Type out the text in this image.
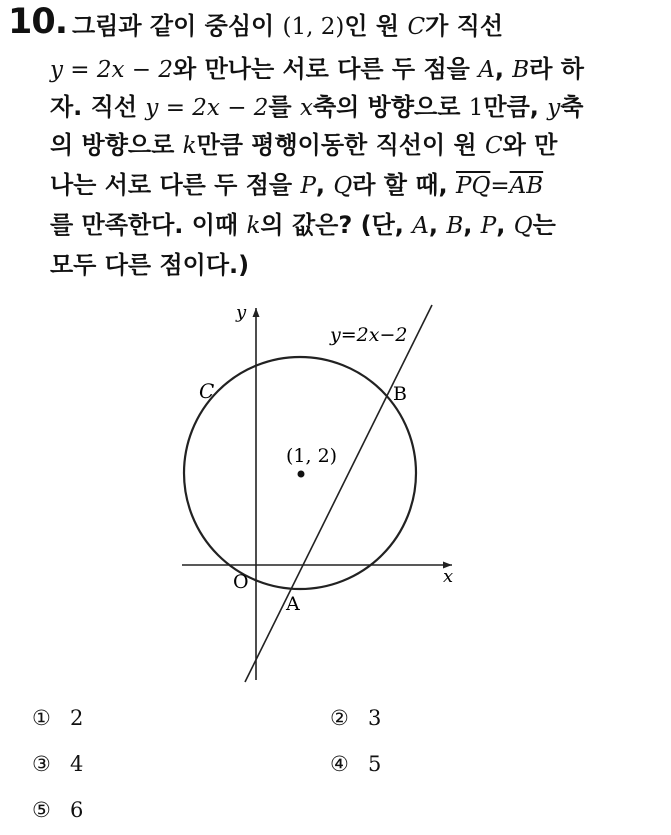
10. 그림과 같이 중심이 (1, 2)인 원 C가 직선
y = 2x − 2와 만나는 서로 다른 두 점을 A, B라 하
자. 직선 y = 2x − 2를 x축의 방향으로 1만큼, y축
의 방향으로 k만큼 평행이동한 직선이 원 C와 만
나는 서로 다른 두 점을 P, Q라 할 때, $\overline{PQ}=\overline{AB}$
를 만족한다. 이때 k의 값은? (단, A, B, P, Q는
모두 다른 점이다.)
y=2x−2
B
C
(1, 2)
O
A
x
y
① 2	② 3
③ 4	④ 5
⑤ 6
